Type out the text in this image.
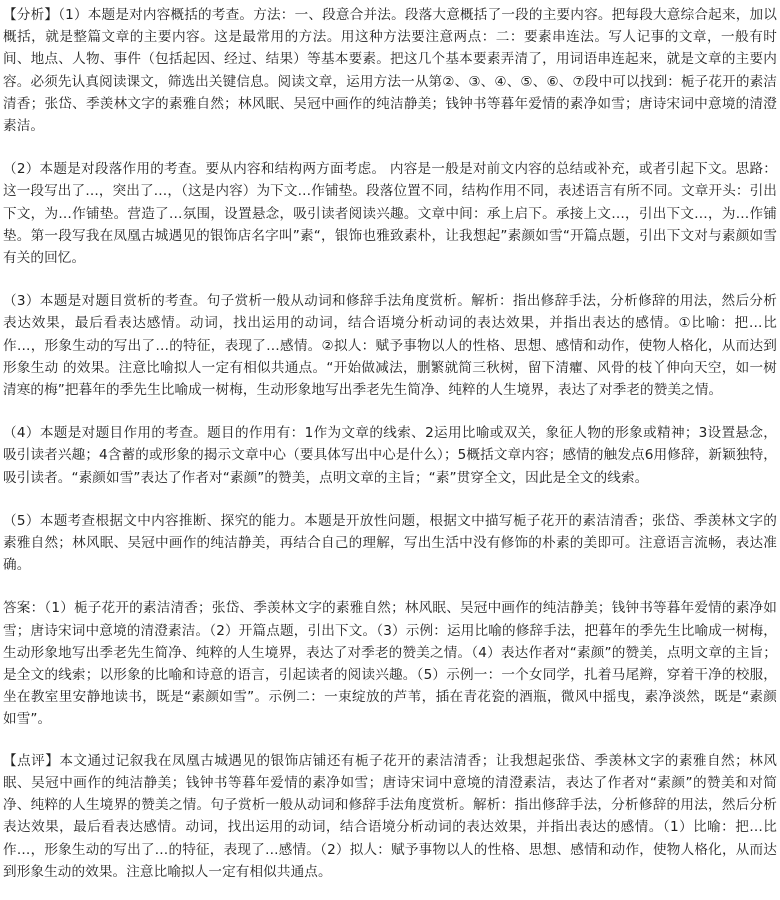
【分析】（1）本题是对内容概括的考查。方法：一、段意合并法。段落大意概括了一段的主要内容。把每段大意综合起来，加以概括，就是整篇文章的主要内容。这是最常用的方法。用这种方法要注意两点：二：要素串连法。写人记事的文章，一般有时间、地点、人物、事件（包括起因、经过、结果）等基本要素。把这几个基本要素弄清了，用词语串连起来，就是文章的主要内容。必须先认真阅读课文，筛选出关键信息。阅读文章，运用方法一从第②、③、④、⑤、⑥、⑦段中可以找到：栀子花开的素洁清香；张岱、季羡林文字的素雅自然；林风眠、吴冠中画作的纯洁静美；钱钟书等暮年爱情的素净如雪；唐诗宋词中意境的清澄素洁。

（2）本题是对段落作用的考查。要从内容和结构两方面考虑。 内容是一般是对前文内容的总结或补充，或者引起下文。思路：这一段写出了…，突出了…，（这是内容）为下文…作铺垫。段落位置不同，结构作用不同，表述语言有所不同。文章开头：引出下文，为…作铺垫。营造了…氛围，设置悬念，吸引读者阅读兴趣。文章中间：承上启下。承接上文…，引出下文…，为…作铺垫。第一段写我在凤凰古城遇见的银饰店名字叫”素“，银饰也雅致素朴，让我想起”素颜如雪“开篇点题，引出下文对与素颜如雪有关的回忆。

（3）本题是对题目赏析的考查。句子赏析一般从动词和修辞手法角度赏析。解析：指出修辞手法，分析修辞的用法，然后分析表达效果，最后看表达感情。动词，找出运用的动词，结合语境分析动词的表达效果，并指出表达的感情。①比喻：把…比作…，形象生动的写出了…的特征，表现了…感情。②拟人：赋予事物以人的性格、思想、感情和动作，使物人格化，从而达到形象生动 的效果。注意比喻拟人一定有相似共通点。“开始做减法，删繁就简三秋树，留下清癯、风骨的枝丫伸向天空，如一树清寒的梅”把暮年的季先生比喻成一树梅，生动形象地写出季老先生简净、纯粹的人生境界，表达了对季老的赞美之情。

（4）本题是对题目作用的考查。题目的作用有：1作为文章的线索、2运用比喻或双关，象征人物的形象或精神；3设置悬念，吸引读者兴趣；4含蓄的或形象的揭示文章中心（要具体写出中心是什么）；5概括文章内容；感情的触发点6用修辞，新颖独特，吸引读者。“素颜如雪”表达了作者对“素颜”的赞美，点明文章的主旨；“素”贯穿全文，因此是全文的线索。

（5）本题考查根据文中内容推断、探究的能力。本题是开放性问题，根据文中描写栀子花开的素洁清香；张岱、季羡林文字的素雅自然；林风眠、吴冠中画作的纯洁静美，再结合自己的理解，写出生活中没有修饰的朴素的美即可。注意语言流畅，表达准确。

答案：（1）栀子花开的素洁清香；张岱、季羡林文字的素雅自然；林风眠、吴冠中画作的纯洁静美；钱钟书等暮年爱情的素净如雪；唐诗宋词中意境的清澄素洁。（2）开篇点题，引出下文。（3）示例：运用比喻的修辞手法，把暮年的季先生比喻成一树梅，生动形象地写出季老先生简净、纯粹的人生境界，表达了对季老的赞美之情。（4）表达作者对“素颜”的赞美，点明文章的主旨；是全文的线索；以形象的比喻和诗意的语言，引起读者的阅读兴趣。（5）示例一：一个女同学，扎着马尾辫，穿着干净的校服，坐在教室里安静地读书，既是“素颜如雪”。示例二：一束绽放的芦苇，插在青花瓷的酒瓶，微风中摇曳，素净淡然，既是“素颜如雪”。

【点评】本文通过记叙我在凤凰古城遇见的银饰店铺还有栀子花开的素洁清香；让我想起张岱、季羡林文字的素雅自然；林风眠、吴冠中画作的纯洁静美；钱钟书等暮年爱情的素净如雪；唐诗宋词中意境的清澄素洁，表达了作者对“素颜”的赞美和对简净、纯粹的人生境界的赞美之情。句子赏析一般从动词和修辞手法角度赏析。解析：指出修辞手法，分析修辞的用法，然后分析表达效果，最后看表达感情。动词，找出运用的动词，结合语境分析动词的表达效果，并指出表达的感情。（1）比喻：把…比作…，形象生动的写出了…的特征，表现了…感情。（2）拟人：赋予事物以人的性格、思想、感情和动作，使物人格化，从而达到形象生动的效果。注意比喻拟人一定有相似共通点。
